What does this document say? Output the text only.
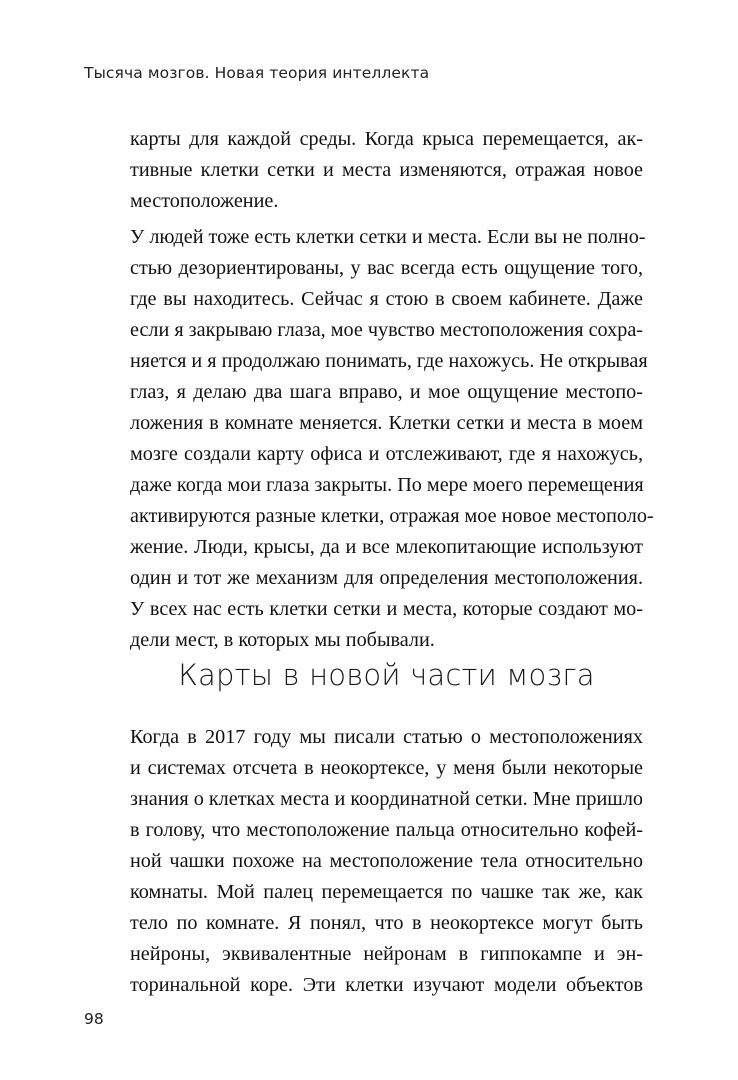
Тысяча мозгов. Новая теория интеллекта
карты для каждой среды. Когда крыса перемещается, ак-
тивные клетки сетки и места изменяются, отражая новое
местоположение.
У людей тоже есть клетки сетки и места. Если вы не полно-
стью дезориентированы, у вас всегда есть ощущение того,
где вы находитесь. Сейчас я стою в своем кабинете. Даже
если я закрываю глаза, мое чувство местоположения сохра-
няется и я продолжаю понимать, где нахожусь. Не открывая
глаз, я делаю два шага вправо, и мое ощущение местопо-
ложения в комнате меняется. Клетки сетки и места в моем
мозге создали карту офиса и отслеживают, где я нахожусь,
даже когда мои глаза закрыты. По мере моего перемещения
активируются разные клетки, отражая мое новое местополо-
жение. Люди, крысы, да и все млекопитающие используют
один и тот же механизм для определения местоположения.
У всех нас есть клетки сетки и места, которые создают мо-
дели мест, в которых мы побывали.
Карты в новой части мозга
Когда в 2017 году мы писали статью о местоположениях
и системах отсчета в неокортексе, у меня были некоторые
знания о клетках места и координатной сетки. Мне пришло
в голову, что местоположение пальца относительно кофей-
ной чашки похоже на местоположение тела относительно
комнаты. Мой палец перемещается по чашке так же, как
тело по комнате. Я понял, что в неокортексе могут быть
нейроны, эквивалентные нейронам в гиппокампе и эн-
торинальной коре. Эти клетки изучают модели объектов
98
